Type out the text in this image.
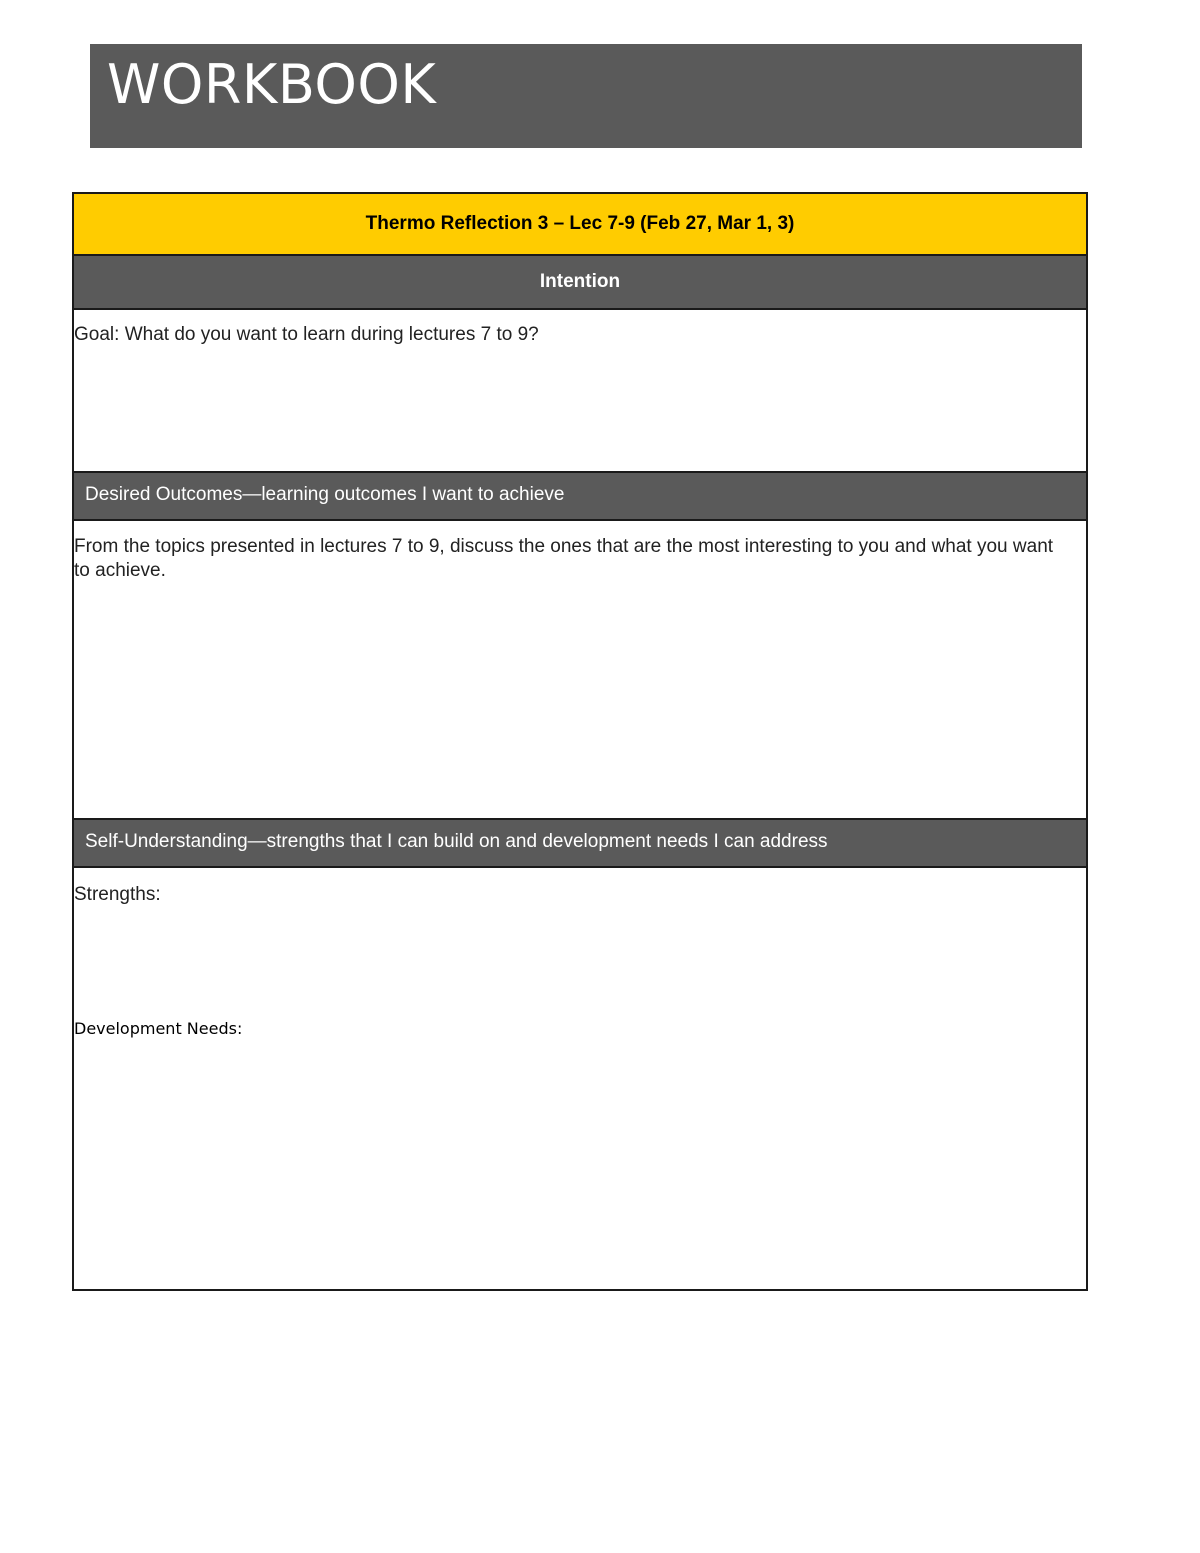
WORKBOOK
Thermo Reflection 3 – Lec 7-9 (Feb 27, Mar 1, 3)
Intention
Goal: What do you want to learn during lectures 7 to 9?
Desired Outcomes—learning outcomes I want to achieve
From the topics presented in lectures 7 to 9, discuss the ones that are the most interesting to you and what you want to achieve.
Self-Understanding—strengths that I can build on and development needs I can address
Strengths:
Development Needs:
